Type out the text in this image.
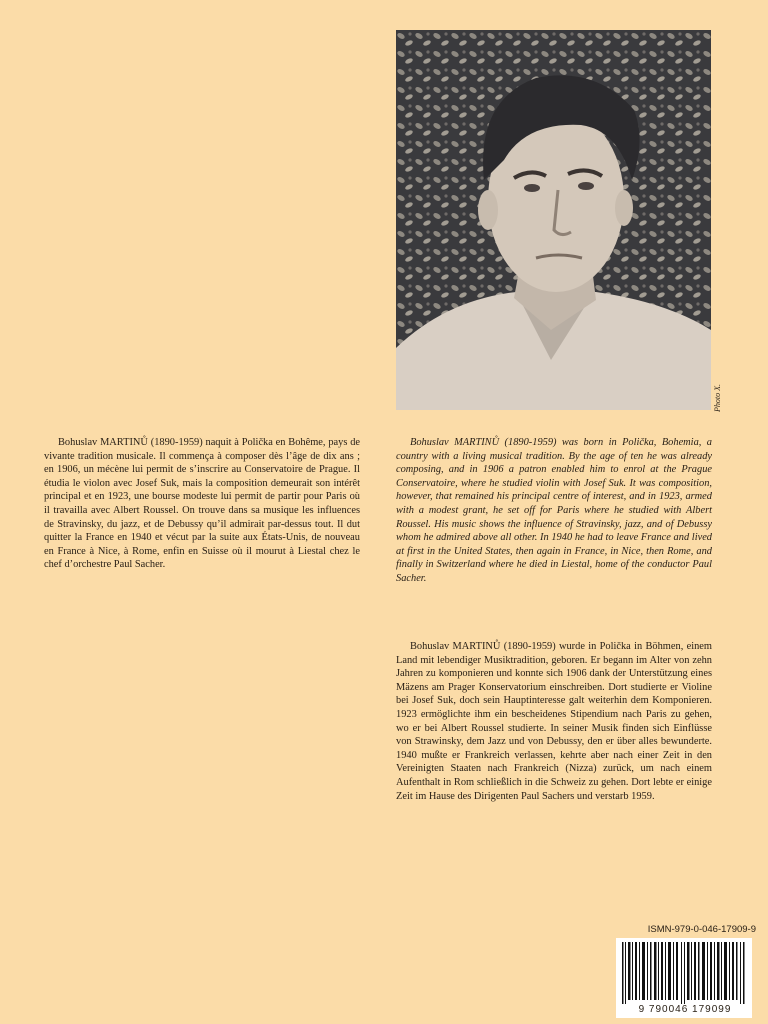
Photo X.

Bohuslav MARTINŮ (1890-1959) naquit à Polička en Bohême, pays de vivante tradition musicale. Il commença à composer dès l’âge de dix ans ; en 1906, un mécène lui permit de s’inscrire au Conservatoire de Prague. Il étudia le violon avec Josef Suk, mais la composition demeurait son intérêt principal et en 1923, une bourse modeste lui permit de partir pour Paris où il travailla avec Albert Roussel. On trouve dans sa musique les influences de Stravinsky, du jazz, et de Debussy qu’il admirait par-dessus tout. Il dut quitter la France en 1940 et vécut par la suite aux États-Unis, de nouveau en France à Nice, à Rome, enfin en Suisse où il mourut à Liestal chez le chef d’orchestre Paul Sacher.

Bohuslav MARTINŮ (1890-1959) was born in Polička, Bohemia, a country with a living musical tradition. By the age of ten he was already composing, and in 1906 a patron enabled him to enrol at the Prague Conservatoire, where he studied violin with Josef Suk. It was composition, however, that remained his principal centre of interest, and in 1923, armed with a modest grant, he set off for Paris where he studied with Albert Roussel. His music shows the influence of Stravinsky, jazz, and of Debussy whom he admired above all other. In 1940 he had to leave France and lived at first in the United States, then again in France, in Nice, then Rome, and finally in Switzerland where he died in Liestal, home of the conductor Paul Sacher.

Bohuslav MARTINŮ (1890-1959) wurde in Polička in Böhmen, einem Land mit lebendiger Musiktradition, geboren. Er begann im Alter von zehn Jahren zu komponieren und konnte sich 1906 dank der Unterstützung eines Mäzens am Prager Konservatorium einschreiben. Dort studierte er Violine bei Josef Suk, doch sein Hauptinteresse galt weiterhin dem Komponieren. 1923 ermöglichte ihm ein bescheidenes Stipendium nach Paris zu gehen, wo er bei Albert Roussel studierte. In seiner Musik finden sich Einflüsse von Strawinsky, dem Jazz und von Debussy, den er über alles bewunderte. 1940 mußte er Frankreich verlassen, kehrte aber nach einer Zeit in den Vereinigten Staaten nach Frankreich (Nizza) zurück, um nach einem Aufenthalt in Rom schließlich in die Schweiz zu gehen. Dort lebte er einige Zeit im Hause des Dirigenten Paul Sachers und verstarb 1959.

ISMN-979-0-046-17909-9
9 790046 179099
